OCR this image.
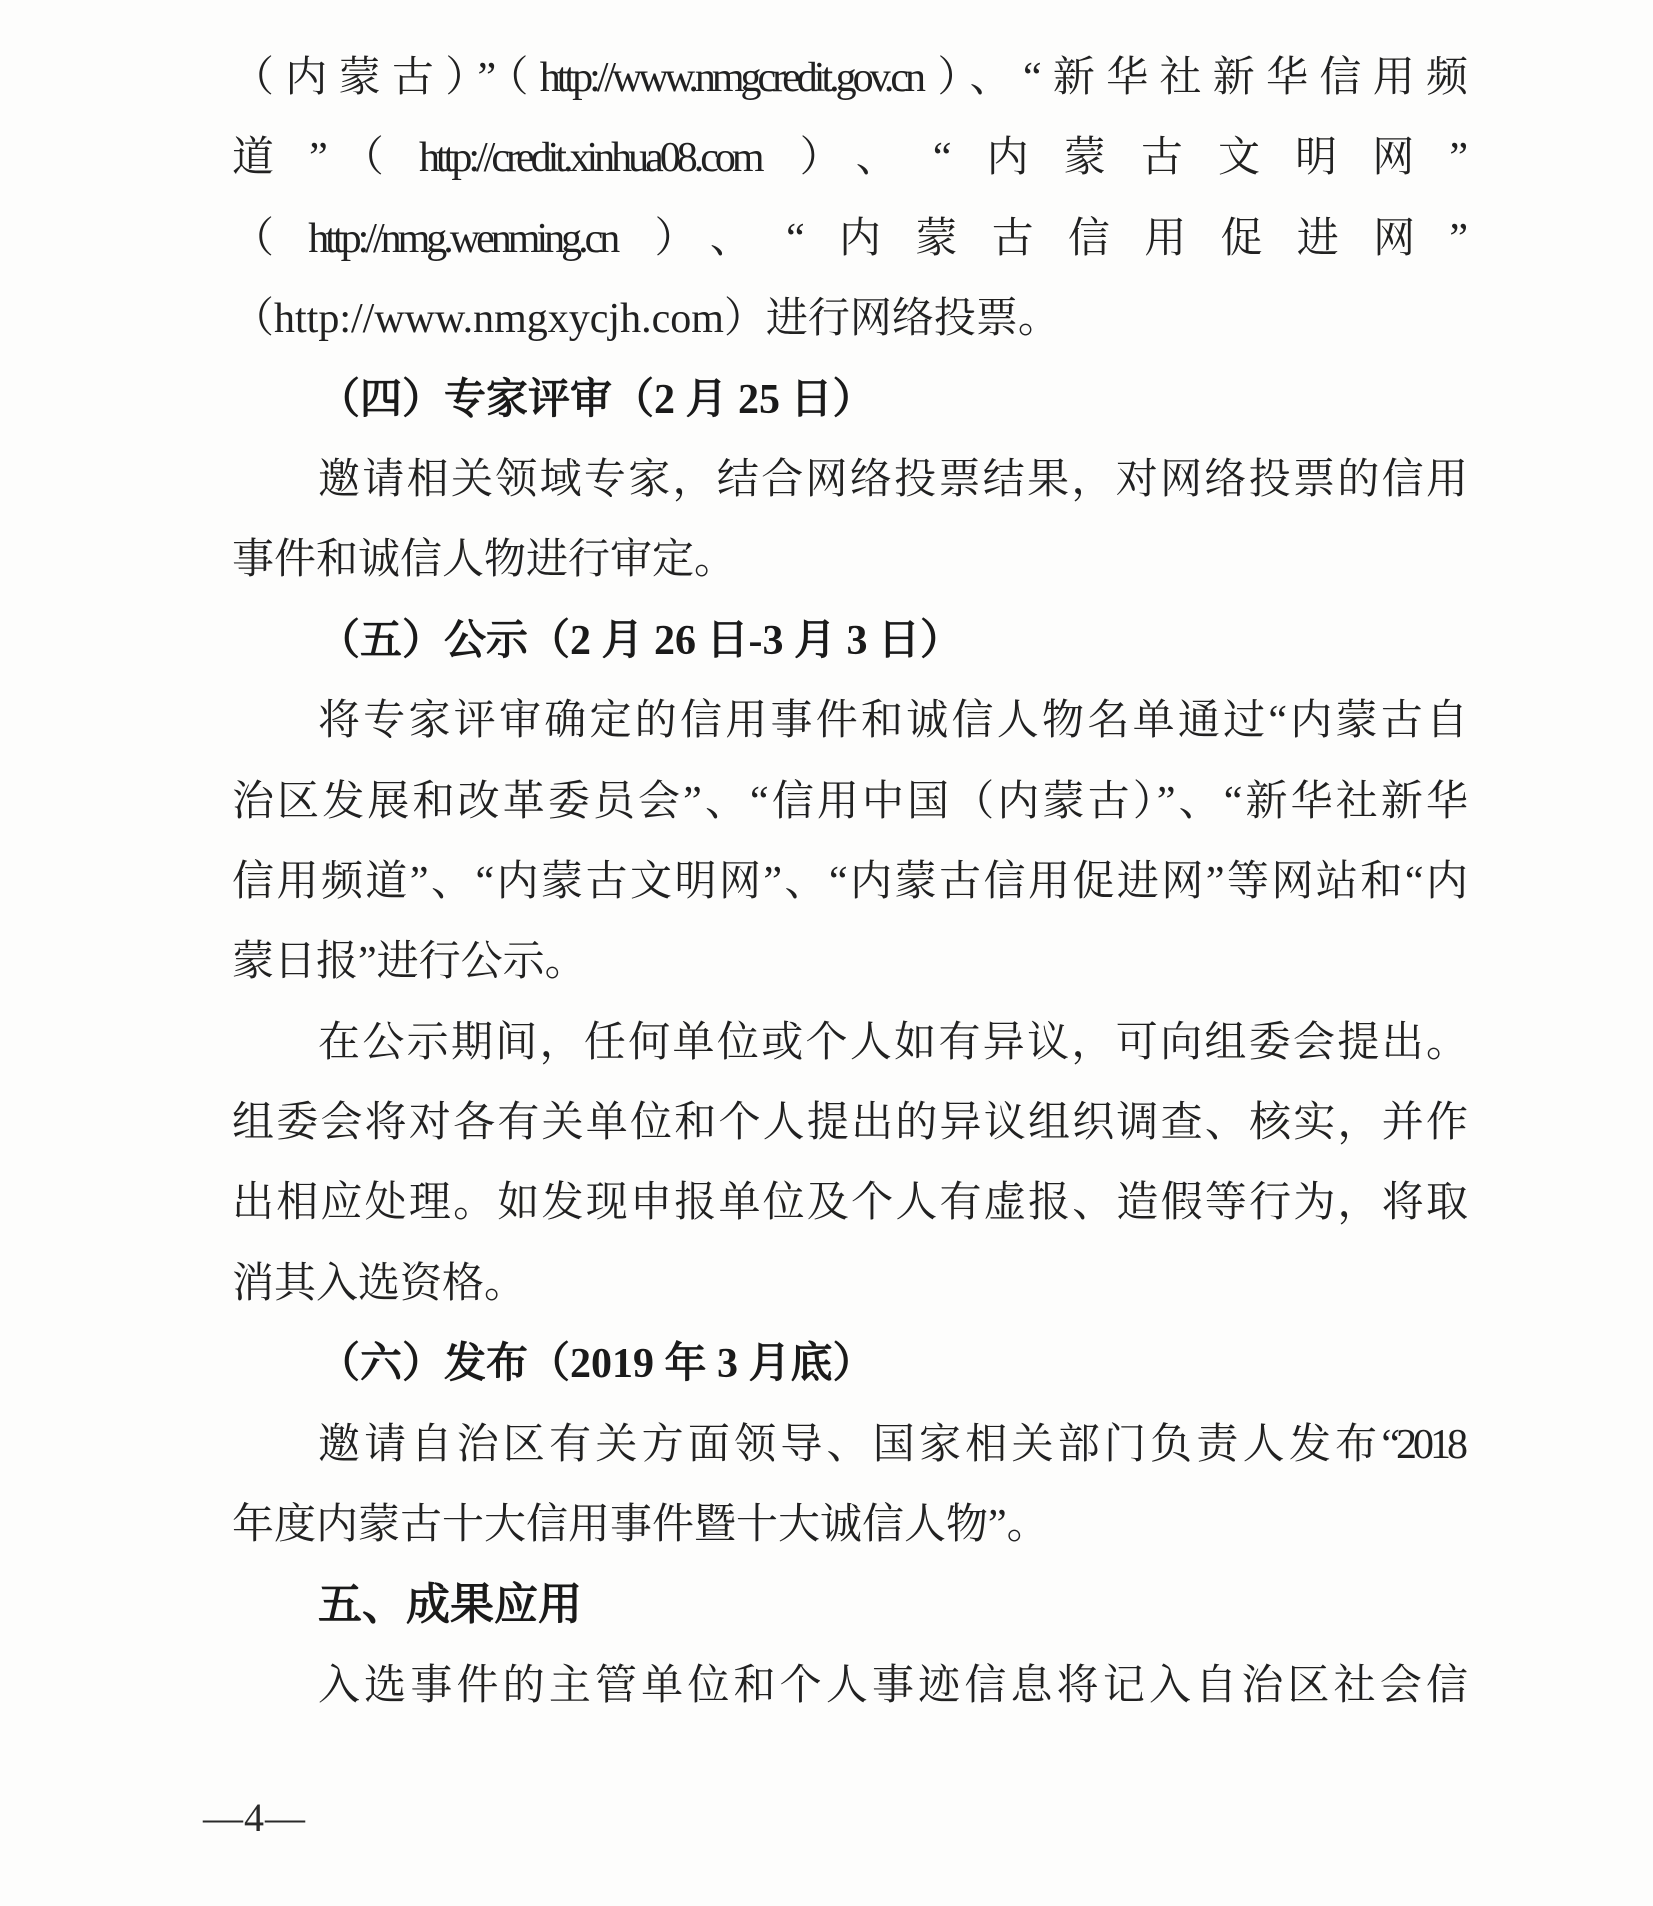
（内蒙古）”（http://www.nmgcredit.gov.cn）、“新华社新华信用频
道”（http://credit.xinhua08.com）、“内蒙古文明网”
（http://nmg.wenming.cn）、“内蒙古信用促进网”
（http://www.nmgxycjh.com）进行网络投票。
（四）专家评审（2 月 25 日）
邀请相关领域专家，结合网络投票结果，对网络投票的信用
事件和诚信人物进行审定。
（五）公示（2 月 26 日-3 月 3 日）
将专家评审确定的信用事件和诚信人物名单通过“内蒙古自
治区发展和改革委员会”、“信用中国（内蒙古）”、“新华社新华
信用频道”、“内蒙古文明网”、“内蒙古信用促进网”等网站和“内
蒙日报”进行公示。
在公示期间，任何单位或个人如有异议，可向组委会提出。
组委会将对各有关单位和个人提出的异议组织调查、核实，并作
出相应处理。如发现申报单位及个人有虚报、造假等行为，将取
消其入选资格。
（六）发布（2019 年 3 月底）
邀请自治区有关方面领导、国家相关部门负责人发布“2018
年度内蒙古十大信用事件暨十大诚信人物”。
五、成果应用
入选事件的主管单位和个人事迹信息将记入自治区社会信
—4—
